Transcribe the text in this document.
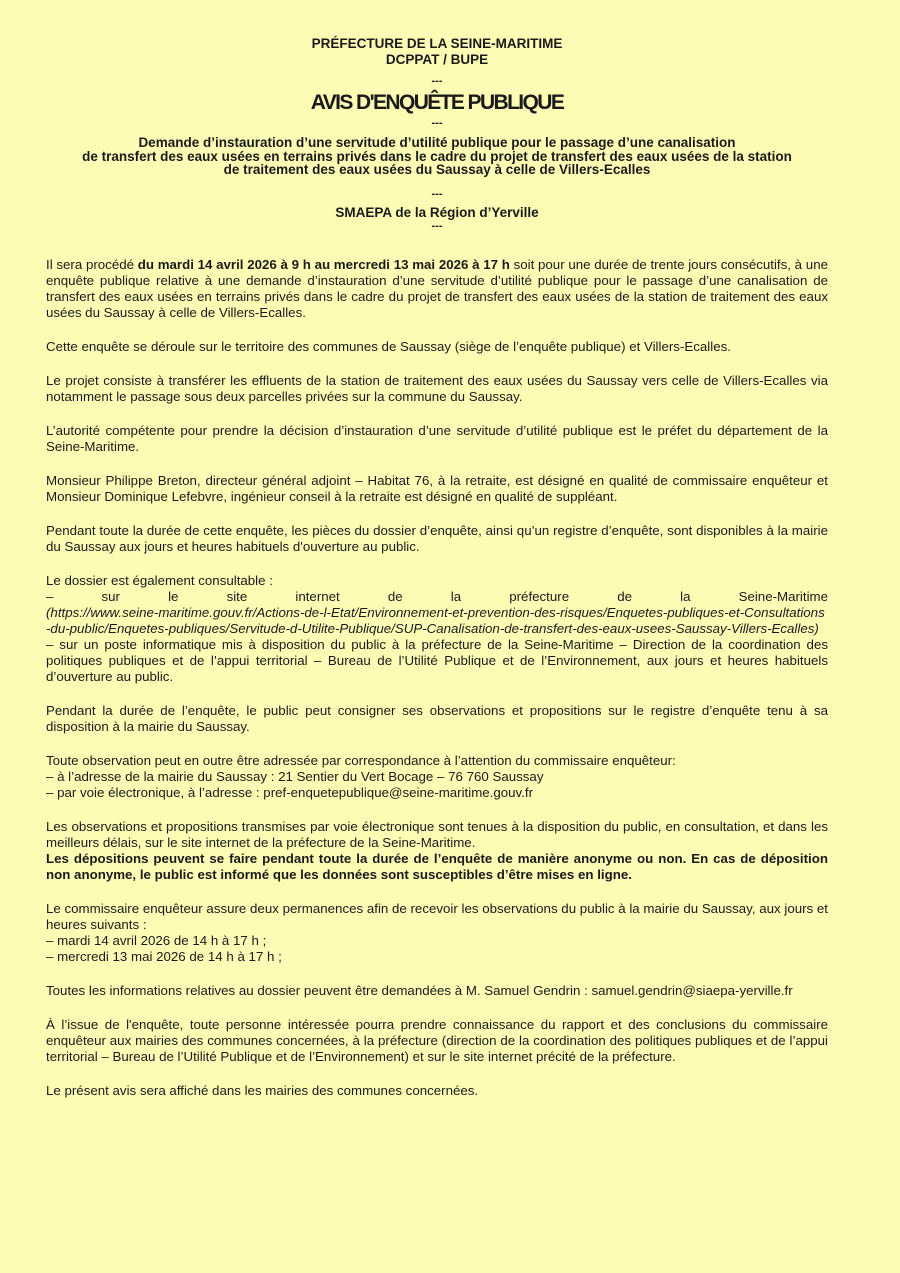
PRÉFECTURE DE LA SEINE-MARITIME
DCPPAT / BUPE
---
AVIS D'ENQUÊTE PUBLIQUE
---
Demande d’instauration d’une servitude d’utilité publique pour le passage d’une canalisation
de transfert des eaux usées en terrains privés dans le cadre du projet de transfert des eaux usées de la station
de traitement des eaux usées du Saussay à celle de Villers-Ecalles
---
SMAEPA de la Région d’Yerville
---

Il sera procédé du mardi 14 avril 2026 à 9 h au mercredi 13 mai 2026 à 17 h soit pour une durée de trente jours consécutifs, à une enquête publique relative à une demande d’instauration d’une servitude d’utilité publique pour le passage d’une canalisation de transfert des eaux usées en terrains privés dans le cadre du projet de transfert des eaux usées de la station de traitement des eaux usées du Saussay à celle de Villers-Ecalles.

Cette enquête se déroule sur le territoire des communes de Saussay (siège de l’enquête publique) et Villers-Ecalles.

Le projet consiste à transférer les effluents de la station de traitement des eaux usées du Saussay vers celle de Villers-Ecalles via notamment le passage sous deux parcelles privées sur la commune du Saussay.

L’autorité compétente pour prendre la décision d’instauration d’une servitude d’utilité publique est le préfet du département de la Seine-Maritime.

Monsieur Philippe Breton, directeur général adjoint – Habitat 76, à la retraite, est désigné en qualité de commissaire enquêteur et Monsieur Dominique Lefebvre, ingénieur conseil à la retraite est désigné en qualité de suppléant.

Pendant toute la durée de cette enquête, les pièces du dossier d’enquête, ainsi qu’un registre d’enquête, sont disponibles à la mairie du Saussay aux jours et heures habituels d'ouverture au public.

Le dossier est également consultable :

– sur le site internet de la préfecture de la Seine-Maritime

(https://www.seine-maritime.gouv.fr/Actions-de-l-Etat/Environnement-et-prevention-des-risques/Enquetes-publiques-et-Consultations-du-public/Enquetes-publiques/Servitude-d-Utilite-Publique/SUP-Canalisation-de-transfert-des-eaux-usees-Saussay-Villers-Ecalles)

– sur un poste informatique mis à disposition du public à la préfecture de la Seine-Maritime – Direction de la coordination des politiques publiques et de l’appui territorial – Bureau de l’Utilité Publique et de l’Environnement, aux jours et heures habituels d’ouverture au public.

Pendant la durée de l’enquête, le public peut consigner ses observations et propositions sur le registre d’enquête tenu à sa disposition à la mairie du Saussay.

Toute observation peut en outre être adressée par correspondance à l’attention du commissaire enquêteur:

– à l’adresse de la mairie du Saussay : 21 Sentier du Vert Bocage – 76 760 Saussay

– par voie électronique, à l’adresse : pref-enquetepublique@seine-maritime.gouv.fr

Les observations et propositions transmises par voie électronique sont tenues à la disposition du public, en consultation, et dans les meilleurs délais, sur le site internet de la préfecture de la Seine-Maritime.

Les dépositions peuvent se faire pendant toute la durée de l’enquête de manière anonyme ou non. En cas de déposition non anonyme, le public est informé que les données sont susceptibles d’être mises en ligne.

Le commissaire enquêteur assure deux permanences afin de recevoir les observations du public à la mairie du Saussay, aux jours et heures suivants :

– mardi 14 avril 2026 de 14 h à 17 h ;

– mercredi 13 mai 2026 de 14 h à 17 h ;

Toutes les informations relatives au dossier peuvent être demandées à M. Samuel Gendrin : samuel.gendrin@siaepa-yerville.fr

À l’issue de l'enquête, toute personne intéressée pourra prendre connaissance du rapport et des conclusions du commissaire enquêteur aux mairies des communes concernées, à la préfecture (direction de la coordination des politiques publiques et de l’appui territorial – Bureau de l’Utilité Publique et de l’Environnement) et sur le site internet précité de la préfecture.

Le présent avis sera affiché dans les mairies des communes concernées.
